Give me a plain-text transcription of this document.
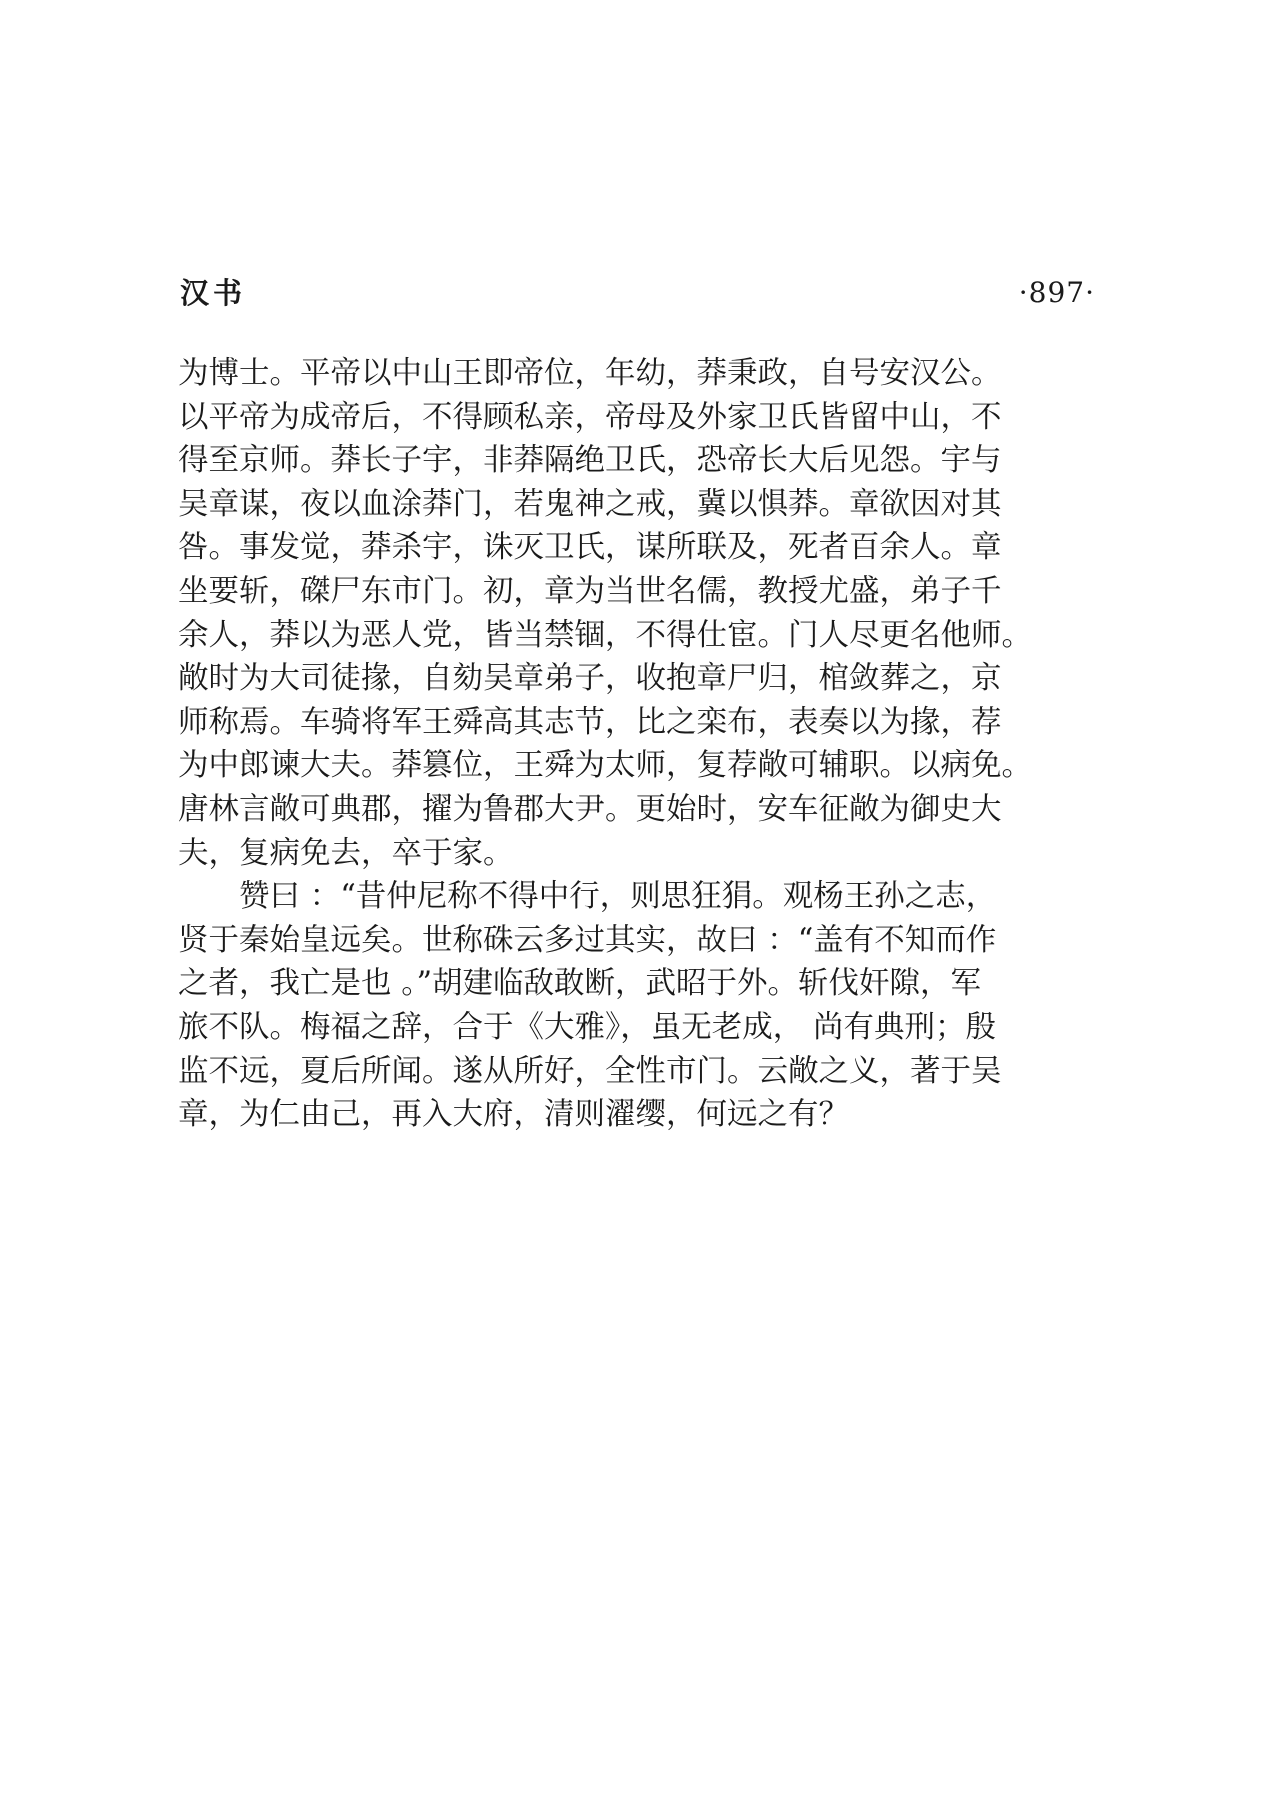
汉书	·897·
为博士。平帝以中山王即帝位，年幼，莽秉政，自号安汉公。
以平帝为成帝后，不得顾私亲，帝母及外家卫氏皆留中山，不
得至京师。莽长子宇，非莽隔绝卫氏，恐帝长大后见怨。宇与
吴章谋，夜以血涂莽门，若鬼神之戒，冀以惧莽。章欲因对其
咎。事发觉，莽杀宇，诛灭卫氏，谋所联及，死者百余人。章
坐要斩，磔尸东市门。初，章为当世名儒，教授尤盛，弟子千
余人，莽以为恶人党，皆当禁锢，不得仕宦。门人尽更名他师。
敞时为大司徒掾，自劾吴章弟子，收抱章尸归，棺敛葬之，京
师称焉。车骑将军王舜高其志节，比之栾布，表奏以为掾，荐
为中郎谏大夫。莽篡位，王舜为太师，复荐敞可辅职。以病免。
唐林言敞可典郡，擢为鲁郡大尹。更始时，安车征敞为御史大
夫，复病免去，卒于家。
赞曰 ：“昔仲尼称不得中行，则思狂狷。观杨王孙之志，
贤于秦始皇远矣。世称硃云多过其实，故曰 ：“盖有不知而作
之者，我亡是也 。”胡建临敌敢断，武昭于外。斩伐奸隙，军
旅不队。梅福之辞，合于《大雅》，虽无老成， 尚有典刑；殷
监不远，夏后所闻。遂从所好，全性市门。云敞之义，著于吴
章，为仁由己，再入大府，清则濯缨，何远之有？
